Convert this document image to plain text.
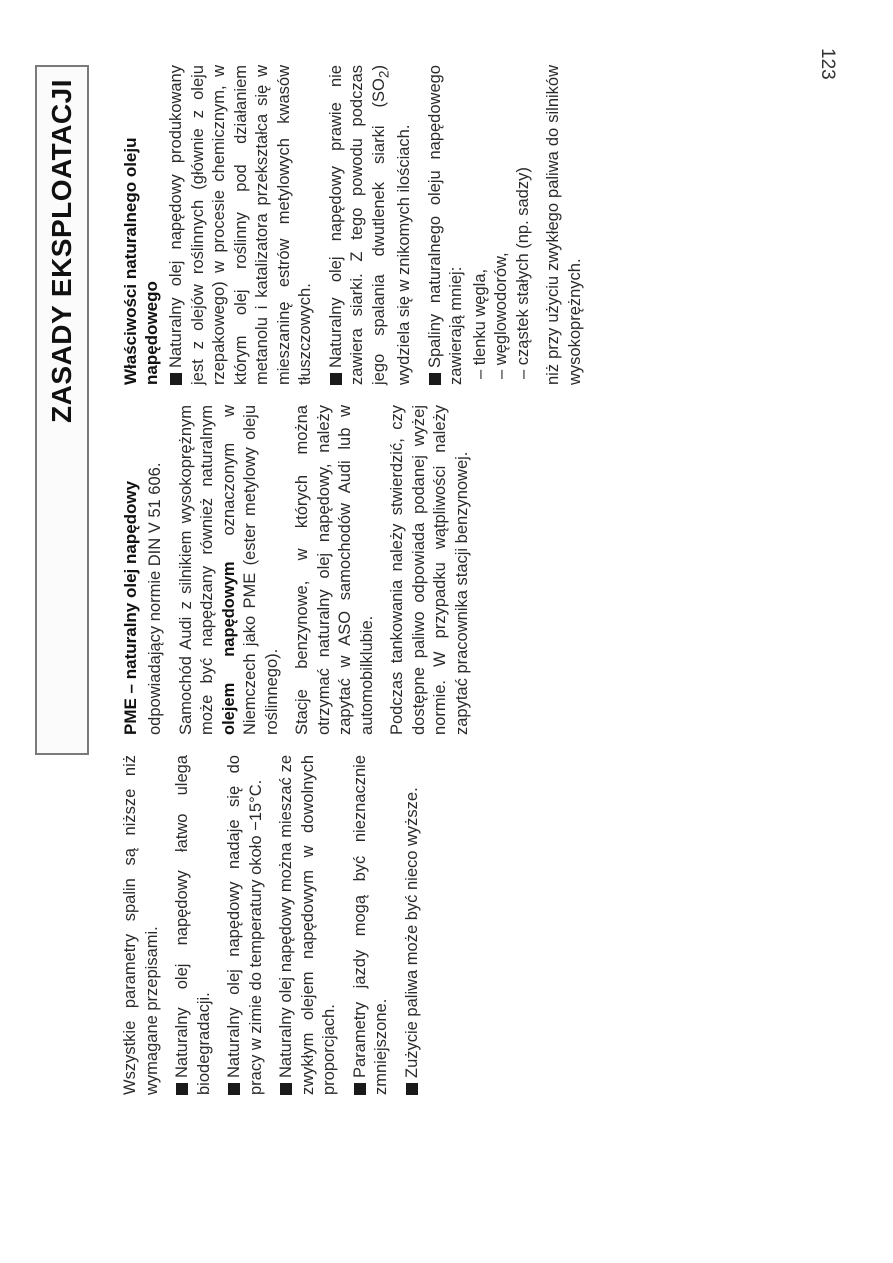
123
ZASADY EKSPLOATACJI
PME – naturalny olej napędowy odpowiadający normie DIN V 51 606. Samochód Audi z silnikiem wysokoprężnym może być napędzany również naturalnym olejem napędowym oznaczonym w Niemczech jako PME (ester metylowy oleju roślinnego). Stacje benzynowe, w których można otrzymać naturalny olej napędowy, należy zapytać w ASO samochodów Audi lub w automobilklubie. Podczas tankowania należy stwierdzić, czy dostępne paliwo odpowiada podanej wyżej normie. W przypadku wątpliwości należy zapytać pracownika stacji benzynowej.

Właściwości naturalnego oleju napędowego Naturalny olej napędowy produkowany jest z olejów roślinnych (głównie z oleju rzepakowego) w procesie chemicznym, w którym olej roślinny pod działaniem metanolu i katalizatora przekształca się w mieszaninę estrów metylowych kwasów tłuszczowych. Naturalny olej napędowy prawie nie zawiera siarki. Z tego powodu podczas jego spalania dwutlenek siarki $(SO_2)$ wydziela się w znikomych ilościach. Spaliny naturalnego oleju napędowego zawierają mniej: – tlenku węgla, – węglowodorów, – cząstek stałych (np. sadzy) niż przy użyciu zwykłego paliwa do silników wysokoprężnych.

Wszystkie parametry spalin są niższe niż wymagane przepisami. Naturalny olej napędowy łatwo ulega biodegradacji. Naturalny olej napędowy nadaje się do pracy w zimie do temperatury około −15°C. Naturalny olej napędowy można mieszać ze zwykłym olejem napędowym w dowolnych proporcjach. Parametry jazdy mogą być nieznacznie zmniejszone. Zużycie paliwa może być nieco wyższe.
